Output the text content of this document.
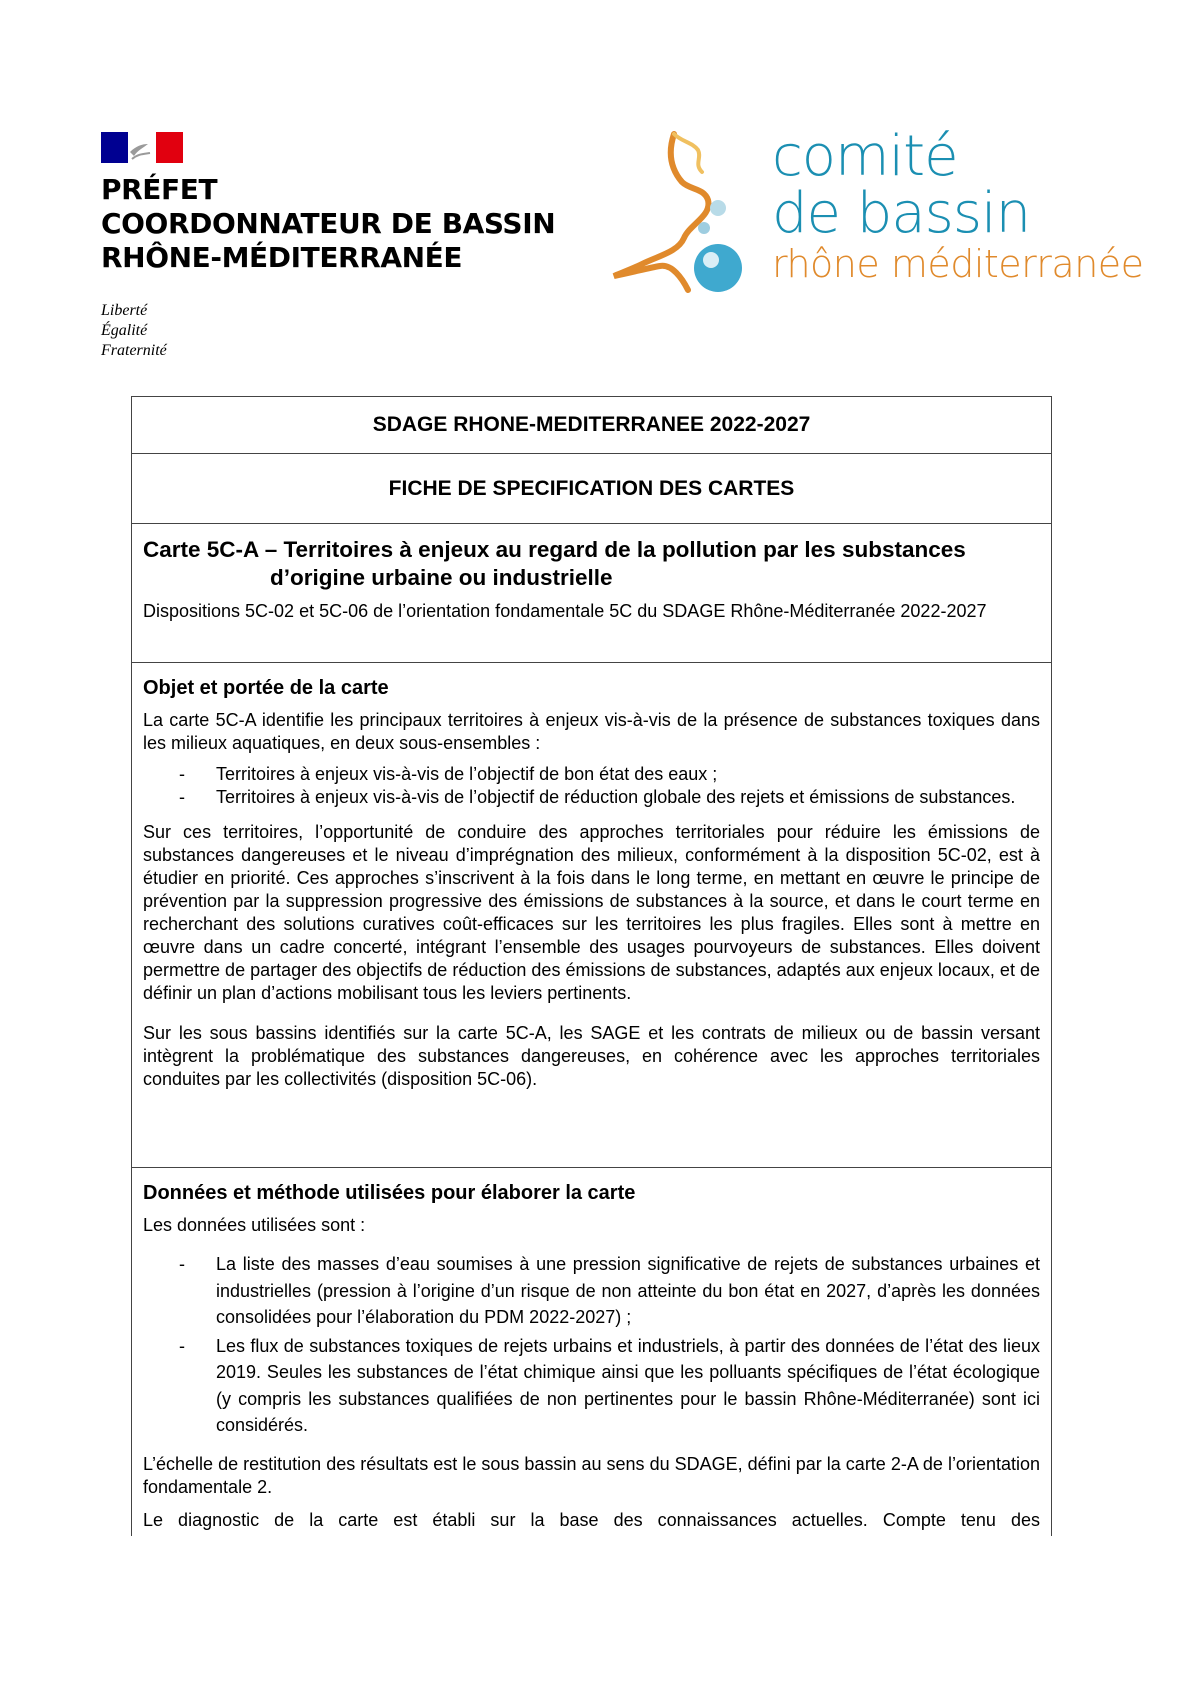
PRÉFET
COORDONNATEUR DE BASSIN
RHÔNE-MÉDITERRANÉE
Liberté
Égalité
Fraternité
comité
de bassin
rhône méditerranée
SDAGE RHONE-MEDITERRANEE 2022-2027
FICHE DE SPECIFICATION DES CARTES
Carte 5C-A – Territoires à enjeux au regard de la pollution par les substances
d’origine urbaine ou industrielle
Dispositions 5C-02 et 5C-06 de l’orientation fondamentale 5C du SDAGE Rhône-Méditerranée 2022-2027
Objet et portée de la carte

La carte 5C-A identifie les principaux territoires à enjeux vis-à-vis de la présence de substances toxiques dans les milieux aquatiques, en deux sous-ensembles :

- Territoires à enjeux vis-à-vis de l’objectif de bon état des eaux ;
- Territoires à enjeux vis-à-vis de l’objectif de réduction globale des rejets et émissions de substances.

Sur ces territoires, l’opportunité de conduire des approches territoriales pour réduire les émissions de substances dangereuses et le niveau d’imprégnation des milieux, conformément à la disposition 5C-02, est à étudier en priorité. Ces approches s’inscrivent à la fois dans le long terme, en mettant en œuvre le principe de prévention par la suppression progressive des émissions de substances à la source, et dans le court terme en recherchant des solutions curatives coût-efficaces sur les territoires les plus fragiles. Elles sont à mettre en œuvre dans un cadre concerté, intégrant l’ensemble des usages pourvoyeurs de substances. Elles doivent permettre de partager des objectifs de réduction des émissions de substances, adaptés aux enjeux locaux, et de définir un plan d’actions mobilisant tous les leviers pertinents.

Sur les sous bassins identifiés sur la carte 5C-A, les SAGE et les contrats de milieux ou de bassin versant intègrent la problématique des substances dangereuses, en cohérence avec les approches territoriales conduites par les collectivités (disposition 5C-06).

Données et méthode utilisées pour élaborer la carte

Les données utilisées sont :

- La liste des masses d’eau soumises à une pression significative de rejets de substances urbaines et industrielles (pression à l’origine d’un risque de non atteinte du bon état en 2027, d’après les données consolidées pour l’élaboration du PDM 2022-2027) ;
- Les flux de substances toxiques de rejets urbains et industriels, à partir des données de l’état des lieux 2019. Seules les substances de l’état chimique ainsi que les polluants spécifiques de l’état écologique (y compris les substances qualifiées de non pertinentes pour le bassin Rhône-Méditerranée) sont ici considérés.

L’échelle de restitution des résultats est le sous bassin au sens du SDAGE, défini par la carte 2-A de l’orientation fondamentale 2.

Le diagnostic de la carte est établi sur la base des connaissances actuelles. Compte tenu des
